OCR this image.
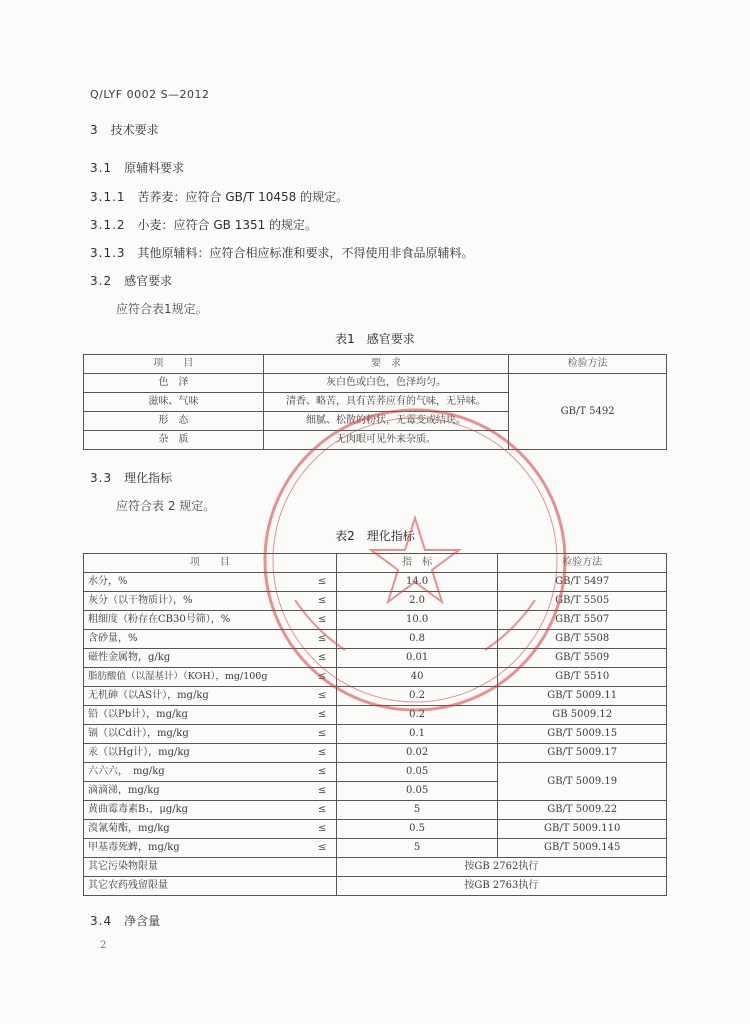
Q/LYF 0002 S—2012
3 技术要求
3.1 原辅料要求
3.1.1 苦荞麦：应符合 GB/T 10458 的规定。
3.1.2 小麦：应符合 GB 1351 的规定。
3.1.3 其他原辅料：应符合相应标准和要求，不得使用非食品原辅料。
3.2 感官要求
应符合表1规定。
表1　感官要求
项　　目	要　求	检验方法
色　泽	灰白色或白色，色泽均匀。	GB/T 5492
滋味、气味	清香、略苦，具有苦荞应有的气味，无异味。	
形　态	细腻、松散的粉状，无霉变或结块。	
杂　质	无肉眼可见外来杂质。	
3.3 理化指标
应符合表 2 规定。
表2　理化指标
项　　目		指　标	检验方法
水分，%	≤	14.0	GB/T 5497
灰分（以干物质计），%	≤	2.0	GB/T 5505
粗细度（粉存在CB30号筛），%	≤	10.0	GB/T 5507
含砂量，%	≤	0.8	GB/T 5508
磁性金属物，g/kg	≤	0.01	GB/T 5509
脂肪酸值（以湿基计）（KOH），mg/100g	≤	40	GB/T 5510
无机砷（以AS计），mg/kg	≤	0.2	GB/T 5009.11
铅（以Pb计），mg/kg	≤	0.2	GB 5009.12
镉（以Cd计），mg/kg	≤	0.1	GB/T 5009.15
汞（以Hg计），mg/kg	≤	0.02	GB/T 5009.17
六六六，　mg/kg	≤	0.05	GB/T 5009.19
滴滴涕，mg/kg	≤	0.05	
黄曲霉毒素B₁，μg/kg	≤	5	GB/T 5009.22
溴氰菊酯，mg/kg	≤	0.5	GB/T 5009.110
甲基毒死蜱，mg/kg	≤	5	GB/T 5009.145
其它污染物限量		按GB 2762执行	
其它农药残留限量		按GB 2763执行	
3.4 净含量
2
